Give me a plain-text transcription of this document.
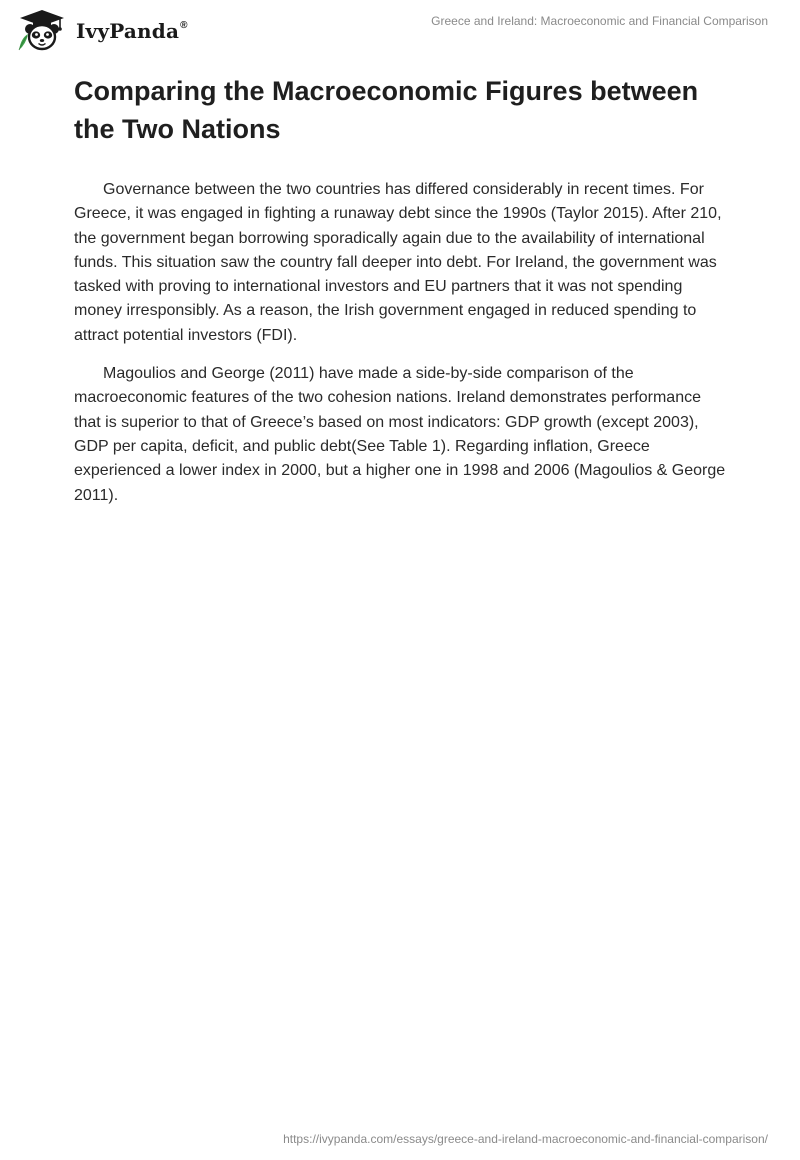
IvyPanda®	Greece and Ireland: Macroeconomic and Financial Comparison
Comparing the Macroeconomic Figures between the Two Nations

Governance between the two countries has differed considerably in recent times. For Greece, it was engaged in fighting a runaway debt since the 1990s (Taylor 2015). After 210, the government began borrowing sporadically again due to the availability of international funds. This situation saw the country fall deeper into debt. For Ireland, the government was tasked with proving to international investors and EU partners that it was not spending money irresponsibly. As a reason, the Irish government engaged in reduced spending to attract potential investors (FDI).

Magoulios and George (2011) have made a side-by-side comparison of the macroeconomic features of the two cohesion nations. Ireland demonstrates performance that is superior to that of Greece’s based on most indicators: GDP growth (except 2003), GDP per capita, deficit, and public debt(See Table 1). Regarding inflation, Greece experienced a lower index in 2000, but a higher one in 1998 and 2006 (Magoulios & George 2011).

https://ivypanda.com/essays/greece-and-ireland-macroeconomic-and-financial-comparison/
